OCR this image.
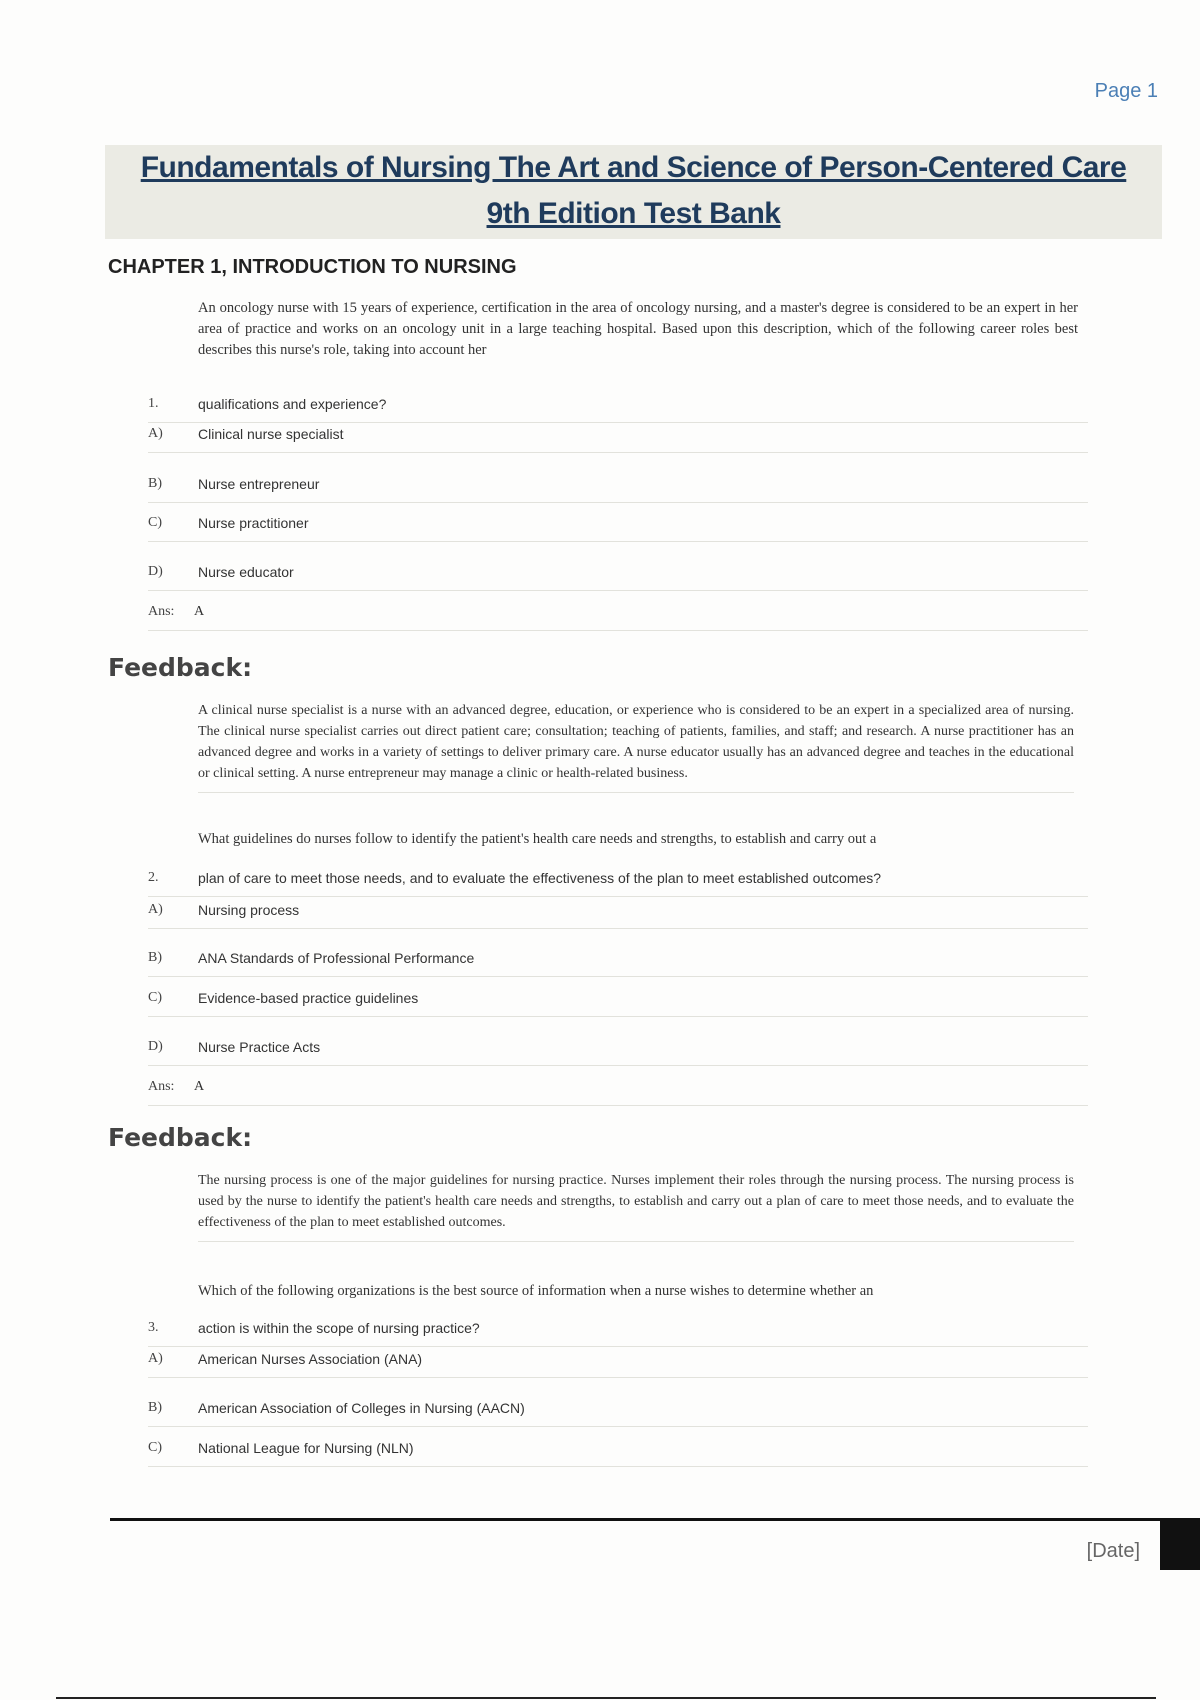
Page 1
Fundamentals of Nursing The Art and Science of Person-Centered Care
9th Edition Test Bank
CHAPTER 1, INTRODUCTION TO NURSING
An oncology nurse with 15 years of experience, certification in the area of oncology nursing, and a master's degree is considered to be an expert in her area of practice and works on an oncology unit in a large teaching hospital. Based upon this description, which of the following career roles best describes this nurse's role, taking into account her
1.	qualifications and experience?
A)	Clinical nurse specialist
B)	Nurse entrepreneur
C)	Nurse practitioner
D)	Nurse educator
Ans: A
Feedback:
A clinical nurse specialist is a nurse with an advanced degree, education, or experience who is considered to be an expert in a specialized area of nursing. The clinical nurse specialist carries out direct patient care; consultation; teaching of patients, families, and staff; and research. A nurse practitioner has an advanced degree and works in a variety of settings to deliver primary care. A nurse educator usually has an advanced degree and teaches in the educational or clinical setting. A nurse entrepreneur may manage a clinic or health-related business.
What guidelines do nurses follow to identify the patient's health care needs and strengths, to establish and carry out a
2.	plan of care to meet those needs, and to evaluate the effectiveness of the plan to meet established outcomes?
A)	Nursing process
B)	ANA Standards of Professional Performance
C)	Evidence-based practice guidelines
D)	Nurse Practice Acts
Ans: A
Feedback:
The nursing process is one of the major guidelines for nursing practice. Nurses implement their roles through the nursing process. The nursing process is used by the nurse to identify the patient's health care needs and strengths, to establish and carry out a plan of care to meet those needs, and to evaluate the effectiveness of the plan to meet established outcomes.
Which of the following organizations is the best source of information when a nurse wishes to determine whether an
3.	action is within the scope of nursing practice?
A)	American Nurses Association (ANA)
B)	American Association of Colleges in Nursing (AACN)
C)	National League for Nursing (NLN)
[Date]
